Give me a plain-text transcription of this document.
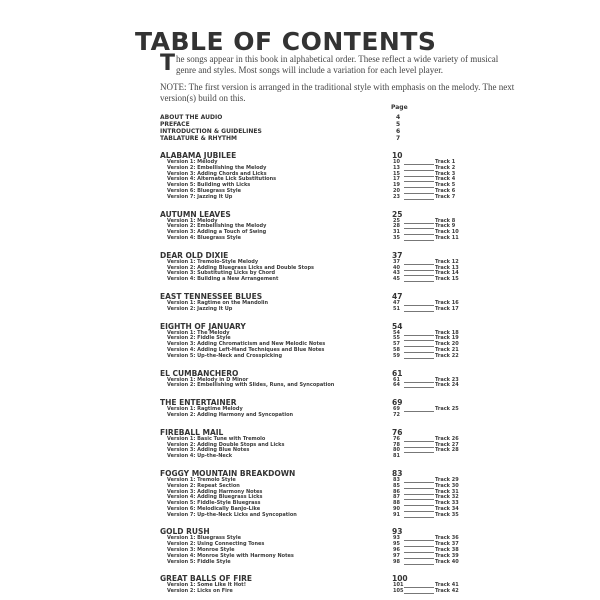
TABLE OF CONTENTS
The songs appear in this book in alphabetical order. These reflect a wide variety of musical genre and styles. Most songs will include a variation for each level player.
NOTE: The first version is arranged in the traditional style with emphasis on the melody. The next version(s) build on this.
Page
ABOUT THE AUDIO	4
PREFACE	5
INTRODUCTION & GUIDELINES	6
TABLATURE & RHYTHM	7
ALABAMA JUBILEE	10
Version 1: Melody	10	Track 1
Version 2: Embellishing the Melody	13	Track 2
Version 3: Adding Chords and Licks	15	Track 3
Version 4: Alternate Lick Substitutions	17	Track 4
Version 5: Building with Licks	19	Track 5
Version 6: Bluegrass Style	20	Track 6
Version 7: Jazzing It Up	23	Track 7
AUTUMN LEAVES	25
Version 1: Melody	25	Track 8
Version 2: Embellishing the Melody	28	Track 9
Version 3: Adding a Touch of Swing	31	Track 10
Version 4: Bluegrass Style	35	Track 11
DEAR OLD DIXIE	37
Version 1: Tremolo-Style Melody	37	Track 12
Version 2: Adding Bluegrass Licks and Double Stops	40	Track 13
Version 3: Substituting Licks by Chord	43	Track 14
Version 4: Building a New Arrangement	45	Track 15
EAST TENNESSEE BLUES	47
Version 1: Ragtime on the Mandolin	47	Track 16
Version 2: Jazzing It Up	51	Track 17
EIGHTH OF JANUARY	54
Version 1: The Melody	54	Track 18
Version 2: Fiddle Style	55	Track 19
Version 3: Adding Chromaticism and New Melodic Notes	57	Track 20
Version 4: Adding Left-Hand Techniques and Blue Notes	58	Track 21
Version 5: Up-the-Neck and Crosspicking	59	Track 22
EL CUMBANCHERO	61
Version 1: Melody in D Minor	61	Track 23
Version 2: Embellishing with Slides, Runs, and Syncopation	64	Track 24
THE ENTERTAINER	69
Version 1: Ragtime Melody	69	Track 25
Version 2: Adding Harmony and Syncopation	72
FIREBALL MAIL	76
Version 1: Basic Tune with Tremolo	76	Track 26
Version 2: Adding Double Stops and Licks	78	Track 27
Version 3: Adding Blue Notes	80	Track 28
Version 4: Up-the-Neck	81
FOGGY MOUNTAIN BREAKDOWN	83
Version 1: Tremolo Style	83	Track 29
Version 2: Repeat Section	85	Track 30
Version 3: Adding Harmony Notes	86	Track 31
Version 4: Adding Bluegrass Licks	87	Track 32
Version 5: Fiddle-Style Bluegrass	88	Track 33
Version 6: Melodically Banjo-Like	90	Track 34
Version 7: Up-the-Neck Licks and Syncopation	91	Track 35
GOLD RUSH	93
Version 1: Bluegrass Style	93	Track 36
Version 2: Using Connecting Tones	95	Track 37
Version 3: Monroe Style	96	Track 38
Version 4: Monroe Style with Harmony Notes	97	Track 39
Version 5: Fiddle Style	98	Track 40
GREAT BALLS OF FIRE	100
Version 1: Some Like It Hot!	101	Track 41
Version 2: Licks on Fire	105	Track 42
